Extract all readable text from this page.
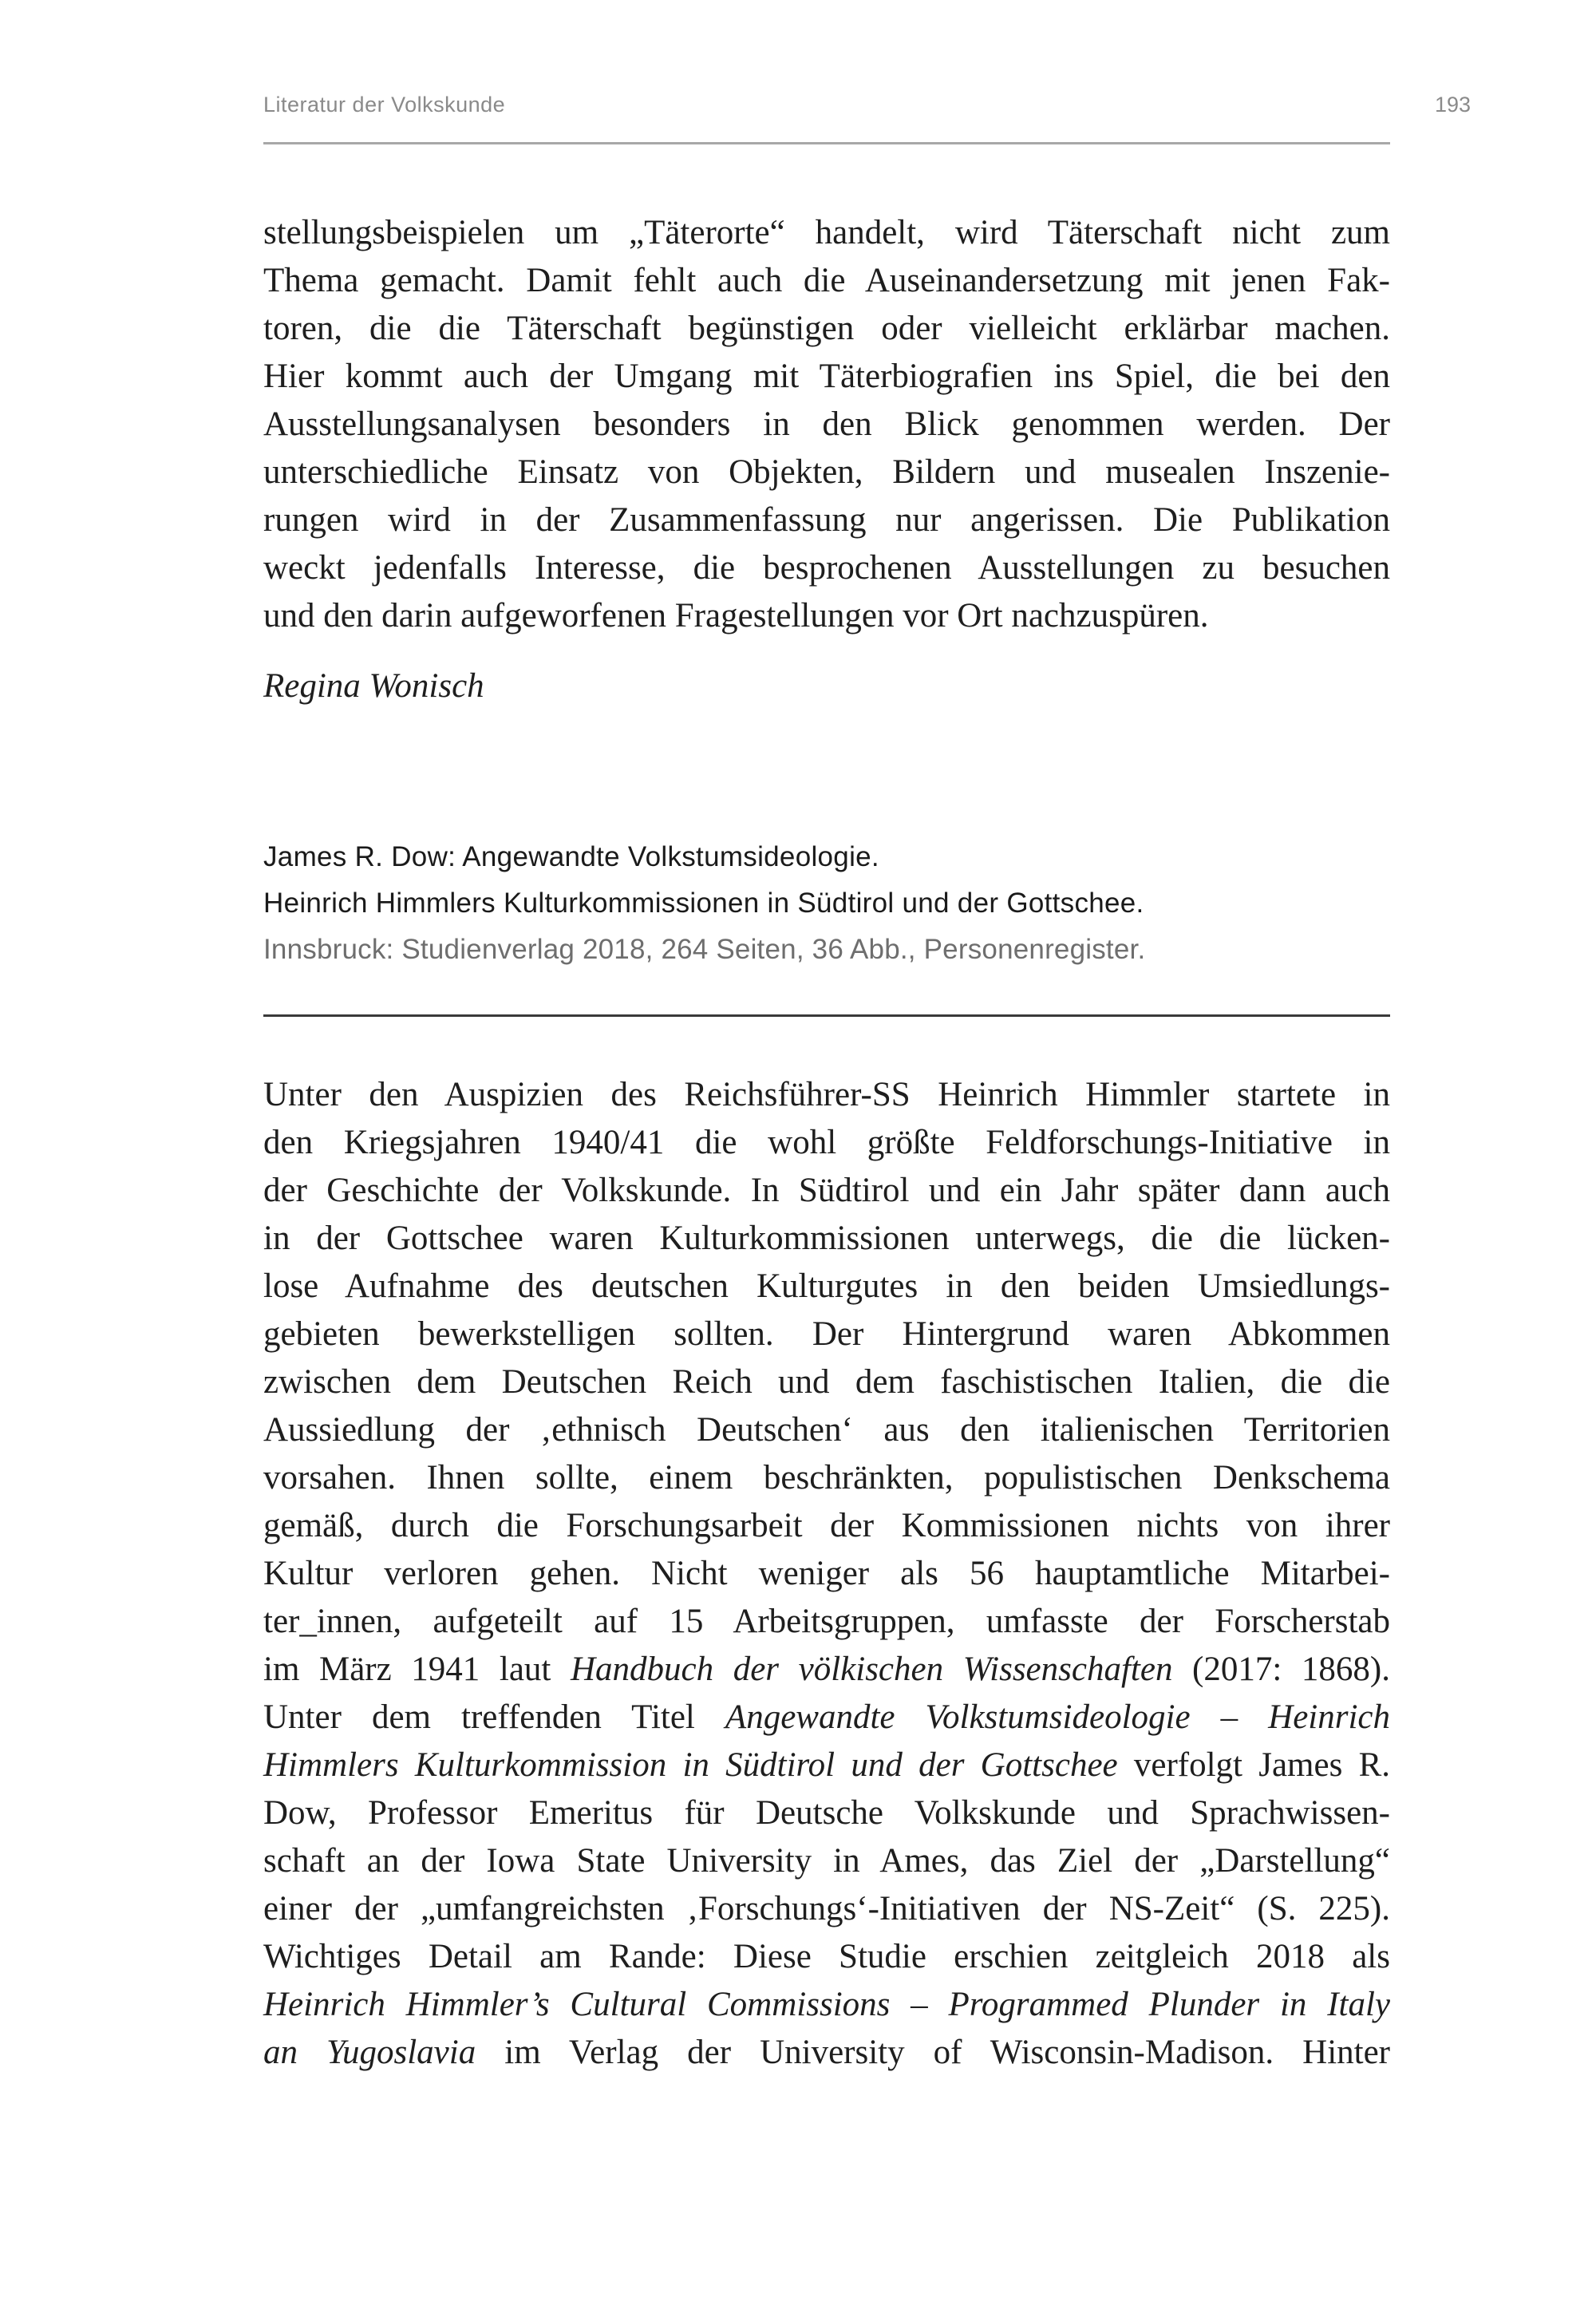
Literatur der Volkskunde	193
stellungsbeispielen um „Täterorte“ handelt, wird Täterschaft nicht zum
Thema gemacht. Damit fehlt auch die Auseinandersetzung mit jenen Fak-
toren, die die Täterschaft begünstigen oder vielleicht erklärbar machen.
Hier kommt auch der Umgang mit Täterbiografien ins Spiel, die bei den
Ausstellungsanalysen besonders in den Blick genommen werden. Der
unterschiedliche Einsatz von Objekten, Bildern und musealen Inszenie-
rungen wird in der Zusammenfassung nur angerissen. Die Publikation
weckt jedenfalls Interesse, die besprochenen Ausstellungen zu besuchen
und den darin aufgeworfenen Fragestellungen vor Ort nachzuspüren.
Regina Wonisch
James R. Dow: Angewandte Volkstumsideologie.
Heinrich Himmlers Kulturkommissionen in Südtirol und der Gottschee.
Innsbruck: Studienverlag 2018, 264 Seiten, 36 Abb., Personenregister.
Unter den Auspizien des Reichsführer-SS Heinrich Himmler startete in
den Kriegsjahren 1940/41 die wohl größte Feldforschungs-Initiative in
der Geschichte der Volkskunde. In Südtirol und ein Jahr später dann auch
in der Gottschee waren Kulturkommissionen unterwegs, die die lücken-
lose Aufnahme des deutschen Kulturgutes in den beiden Umsiedlungs-
gebieten bewerkstelligen sollten. Der Hintergrund waren Abkommen
zwischen dem Deutschen Reich und dem faschistischen Italien, die die
Aussiedlung der ‚ethnisch Deutschen‘ aus den italienischen Territorien
vorsahen. Ihnen sollte, einem beschränkten, populistischen Denkschema
gemäß, durch die Forschungsarbeit der Kommissionen nichts von ihrer
Kultur verloren gehen. Nicht weniger als 56 hauptamtliche Mitarbei-
ter_innen, aufgeteilt auf 15 Arbeitsgruppen, umfasste der Forscherstab
im März 1941 laut Handbuch der völkischen Wissenschaften (2017: 1868).
Unter dem treffenden Titel Angewandte Volkstumsideologie – Heinrich
Himmlers Kulturkommission in Südtirol und der Gottschee verfolgt James R.
Dow, Professor Emeritus für Deutsche Volkskunde und Sprachwissen-
schaft an der Iowa State University in Ames, das Ziel der „Darstellung“
einer der „umfangreichsten ‚Forschungs‘-Initiativen der NS-Zeit“ (S. 225).
Wichtiges Detail am Rande: Diese Studie erschien zeitgleich 2018 als
Heinrich Himmler’s Cultural Commissions – Programmed Plunder in Italy
an Yugoslavia im Verlag der University of Wisconsin-Madison. Hinter
